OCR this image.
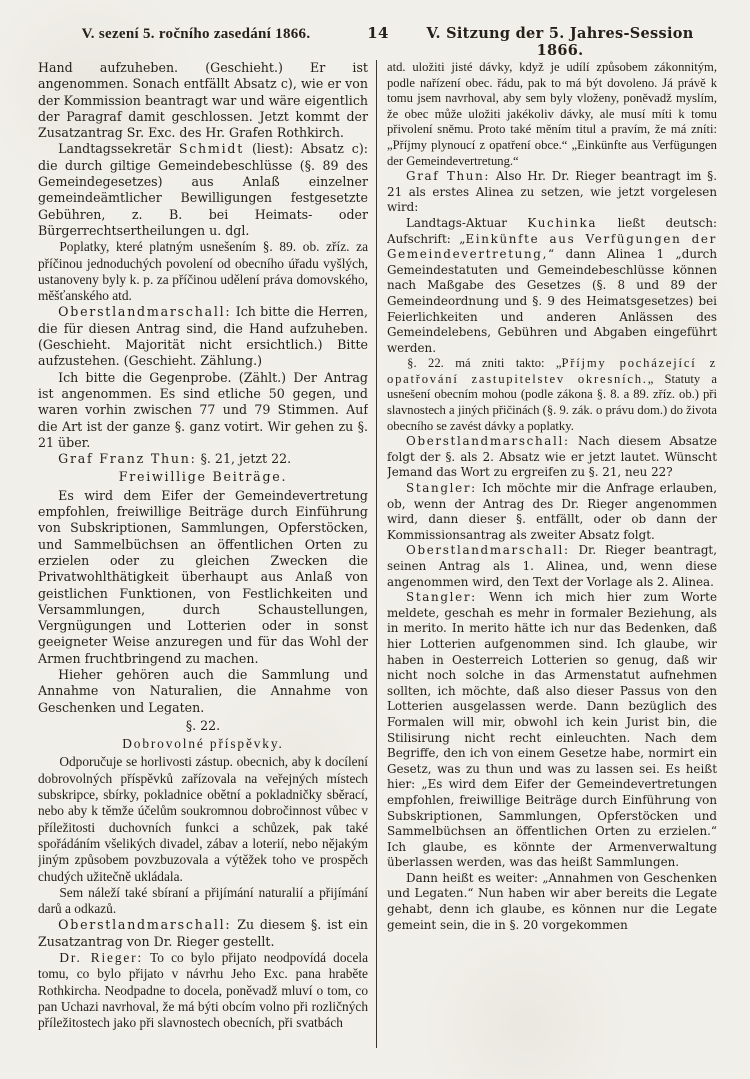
V. sezení 5. ročního zasedání 1866.	14	V. Sitzung der 5. Jahres-Session 1866.

Hand aufzuheben. (Geschieht.) Er ist angenommen. Sonach entfällt Absatz c), wie er von der Kommission beantragt war und wäre eigentlich der Paragraf damit geschlossen. Jetzt kommt der Zusatzantrag Sr. Exc. des Hr. Grafen Rothkirch.

Landtagssekretär Schmidt (liest): Absatz c): die durch giltige Gemeindebeschlüsse (§. 89 des Gemeindegesetzes) aus Anlaß einzelner gemeindeämtlicher Bewilligungen festgesetzte Gebühren, z. B. bei Heimats- oder Bürgerrechtsertheilungen u. dgl.

Poplatky, které platným usnešením §. 89. ob. zříz. za příčinou jednoduchých povolení od obecního úřadu vyšlých, ustanoveny byly k. p. za příčinou udělení práva domovského, měšťanského atd.

Oberstlandmarschall: Ich bitte die Herren, die für diesen Antrag sind, die Hand aufzuheben. (Geschieht. Majorität nicht ersichtlich.) Bitte aufzustehen. (Geschieht. Zählung.)

Ich bitte die Gegenprobe. (Zählt.) Der Antrag ist angenommen. Es sind etliche 50 gegen, und waren vorhin zwischen 77 und 79 Stimmen. Auf die Art ist der ganze §. ganz votirt. Wir gehen zu §. 21 über.

Graf Franz Thun: §. 21, jetzt 22.

Freiwillige Beiträge.

Es wird dem Eifer der Gemeindevertretung empfohlen, freiwillige Beiträge durch Einführung von Subskriptionen, Sammlungen, Opferstöcken, und Sammelbüchsen an öffentlichen Orten zu erzielen oder zu gleichen Zwecken die Privatwohlthätigkeit überhaupt aus Anlaß von geistlichen Funktionen, von Festlichkeiten und Versammlungen, durch Schaustellungen, Vergnügungen und Lotterien oder in sonst geeigneter Weise anzuregen und für das Wohl der Armen fruchtbringend zu machen.

Hieher gehören auch die Sammlung und Annahme von Naturalien, die Annahme von Geschenken und Legaten.

§. 22.

Dobrovolné příspěvky.

Odporučuje se horlivosti zástup. obecnich, aby k docílení dobrovolných příspěvků zařízovala na veřejných místech subskripce, sbírky, pokladnice obětní a pokladničky sběrací, nebo aby k těmže účelům soukromnou dobročinnost vůbec v příležitosti duchovních funkci a schůzek, pak také spořádáním všelikých divadel, zábav a loterií, nebo nějakým jiným způsobem povzbuzovala a výtěžek toho ve prospěch chudých užitečně ukládala.

Sem náleží také sbíraní a přijímání naturalií a přijímání darů a odkazů.

Oberstlandmarschall: Zu diesem §. ist ein Zusatzantrag von Dr. Rieger gestellt.

Dr. Rieger: To co bylo přijato neodpovídá docela tomu, co bylo přijato v návrhu Jeho Exc. pana hraběte Rothkircha. Neodpadne to docela, poněvadž mluví o tom, co pan Uchazi navrhoval, že má býti obcím volno při rozličných příležitostech jako při slavnostech obecních, při svatbách

atd. uložiti jisté dávky, když je udílí způsobem zákonnitým, podle nařízení obec. řádu, pak to má být dovoleno. Já právě k tomu jsem navrhoval, aby sem byly vloženy, poněvadž myslím, že obec může uložiti jakékoliv dávky, ale musí míti k tomu přivolení sněmu. Proto také měním titul a pravím, že má zníti: „Příjmy plynoucí z opatření obce.“ „Einkünfte aus Verfügungen der Gemeindevertretung.“

Graf Thun: Also Hr. Dr. Rieger beantragt im §. 21 als erstes Alinea zu setzen, wie jetzt vorgelesen wird:

Landtags-Aktuar Kuchinka ließt deutsch: Aufschrift: „Einkünfte aus Verfügungen der Gemeindevertretung,“ dann Alinea 1 „durch Gemeindestatuten und Gemeindebeschlüsse können nach Maßgabe des Gesetzes (§. 8 und 89 der Gemeindeordnung und §. 9 des Heimatsgesetzes) bei Feierlichkeiten und anderen Anlässen des Gemeindelebens, Gebühren und Abgaben eingeführt werden.

§. 22. má zniti takto: „Příjmy pocházející z opatřování zastupitelstev okresních.„ Statuty a usnešení obecním mohou (podle zákona §. 8. a 89. zříz. ob.) při slavnostech a jiných přičinách (§. 9. zák. o právu dom.) do života obecního se zavést dávky a poplatky.

Oberstlandmarschall: Nach diesem Absatze folgt der §. als 2. Absatz wie er jetzt lautet. Wünscht Jemand das Wort zu ergreifen zu §. 21, neu 22?

Stangler: Ich möchte mir die Anfrage erlauben, ob, wenn der Antrag des Dr. Rieger angenommen wird, dann dieser §. entfällt, oder ob dann der Kommissionsantrag als zweiter Absatz folgt.

Oberstlandmarschall: Dr. Rieger beantragt, seinen Antrag als 1. Alinea, und, wenn diese angenommen wird, den Text der Vorlage als 2. Alinea.

Stangler: Wenn ich mich hier zum Worte meldete, geschah es mehr in formaler Beziehung, als in merito. In merito hätte ich nur das Bedenken, daß hier Lotterien aufgenommen sind. Ich glaube, wir haben in Oesterreich Lotterien so genug, daß wir nicht noch solche in das Armenstatut aufnehmen sollten, ich möchte, daß also dieser Passus von den Lotterien ausgelassen werde. Dann bezüglich des Formalen will mir, obwohl ich kein Jurist bin, die Stilisirung nicht recht einleuchten. Nach dem Begriffe, den ich von einem Gesetze habe, normirt ein Gesetz, was zu thun und was zu lassen sei. Es heißt hier: „Es wird dem Eifer der Gemeindevertretungen empfohlen, freiwillige Beiträge durch Einführung von Subskriptionen, Sammlungen, Opferstöcken und Sammelbüchsen an öffentlichen Orten zu erzielen.“ Ich glaube, es könnte der Armenverwaltung überlassen werden, was das heißt Sammlungen.

Dann heißt es weiter: „Annahmen von Geschenken und Legaten.“ Nun haben wir aber bereits die Legate gehabt, denn ich glaube, es können nur die Legate gemeint sein, die in §. 20 vorgekommen
